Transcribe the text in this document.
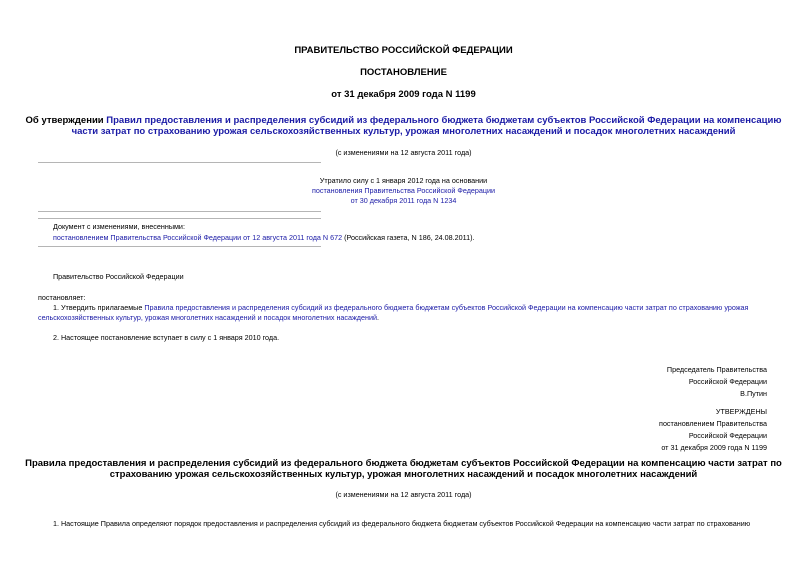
ПРАВИТЕЛЬСТВО РОССИЙСКОЙ ФЕДЕРАЦИИ
ПОСТАНОВЛЕНИЕ
от 31 декабря 2009 года N 1199
Об утверждении Правил предоставления и распределения субсидий из федерального бюджета бюджетам субъектов Российской Федерации на компенсацию
части затрат по страхованию урожая сельскохозяйственных культур, урожая многолетних насаждений и посадок многолетних насаждений
(с изменениями на 12 августа 2011 года)
Утратило силу с 1 января 2012 года на основании
постановления Правительства Российской Федерации
от 30 декабря 2011 года N 1234
Документ с изменениями, внесенными:
постановлением Правительства Российской Федерации от 12 августа 2011 года N 672 (Российская газета, N 186, 24.08.2011).
Правительство Российской Федерации
постановляет:
1. Утвердить прилагаемые Правила предоставления и распределения субсидий из федерального бюджета бюджетам субъектов Российской Федерации на компенсацию части затрат по страхованию урожая
сельскохозяйственных культур, урожая многолетних насаждений и посадок многолетних насаждений.
2. Настоящее постановление вступает в силу с 1 января 2010 года.
Председатель Правительства
Российской Федерации
В.Путин
УТВЕРЖДЕНЫ
постановлением Правительства
Российской Федерации
от 31 декабря 2009 года N 1199
Правила предоставления и распределения субсидий из федерального бюджета бюджетам субъектов Российской Федерации на компенсацию части затрат по
страхованию урожая сельскохозяйственных культур, урожая многолетних насаждений и посадок многолетних насаждений
(с изменениями на 12 августа 2011 года)
1. Настоящие Правила определяют порядок предоставления и распределения субсидий из федерального бюджета бюджетам субъектов Российской Федерации на компенсацию части затрат по страхованию
